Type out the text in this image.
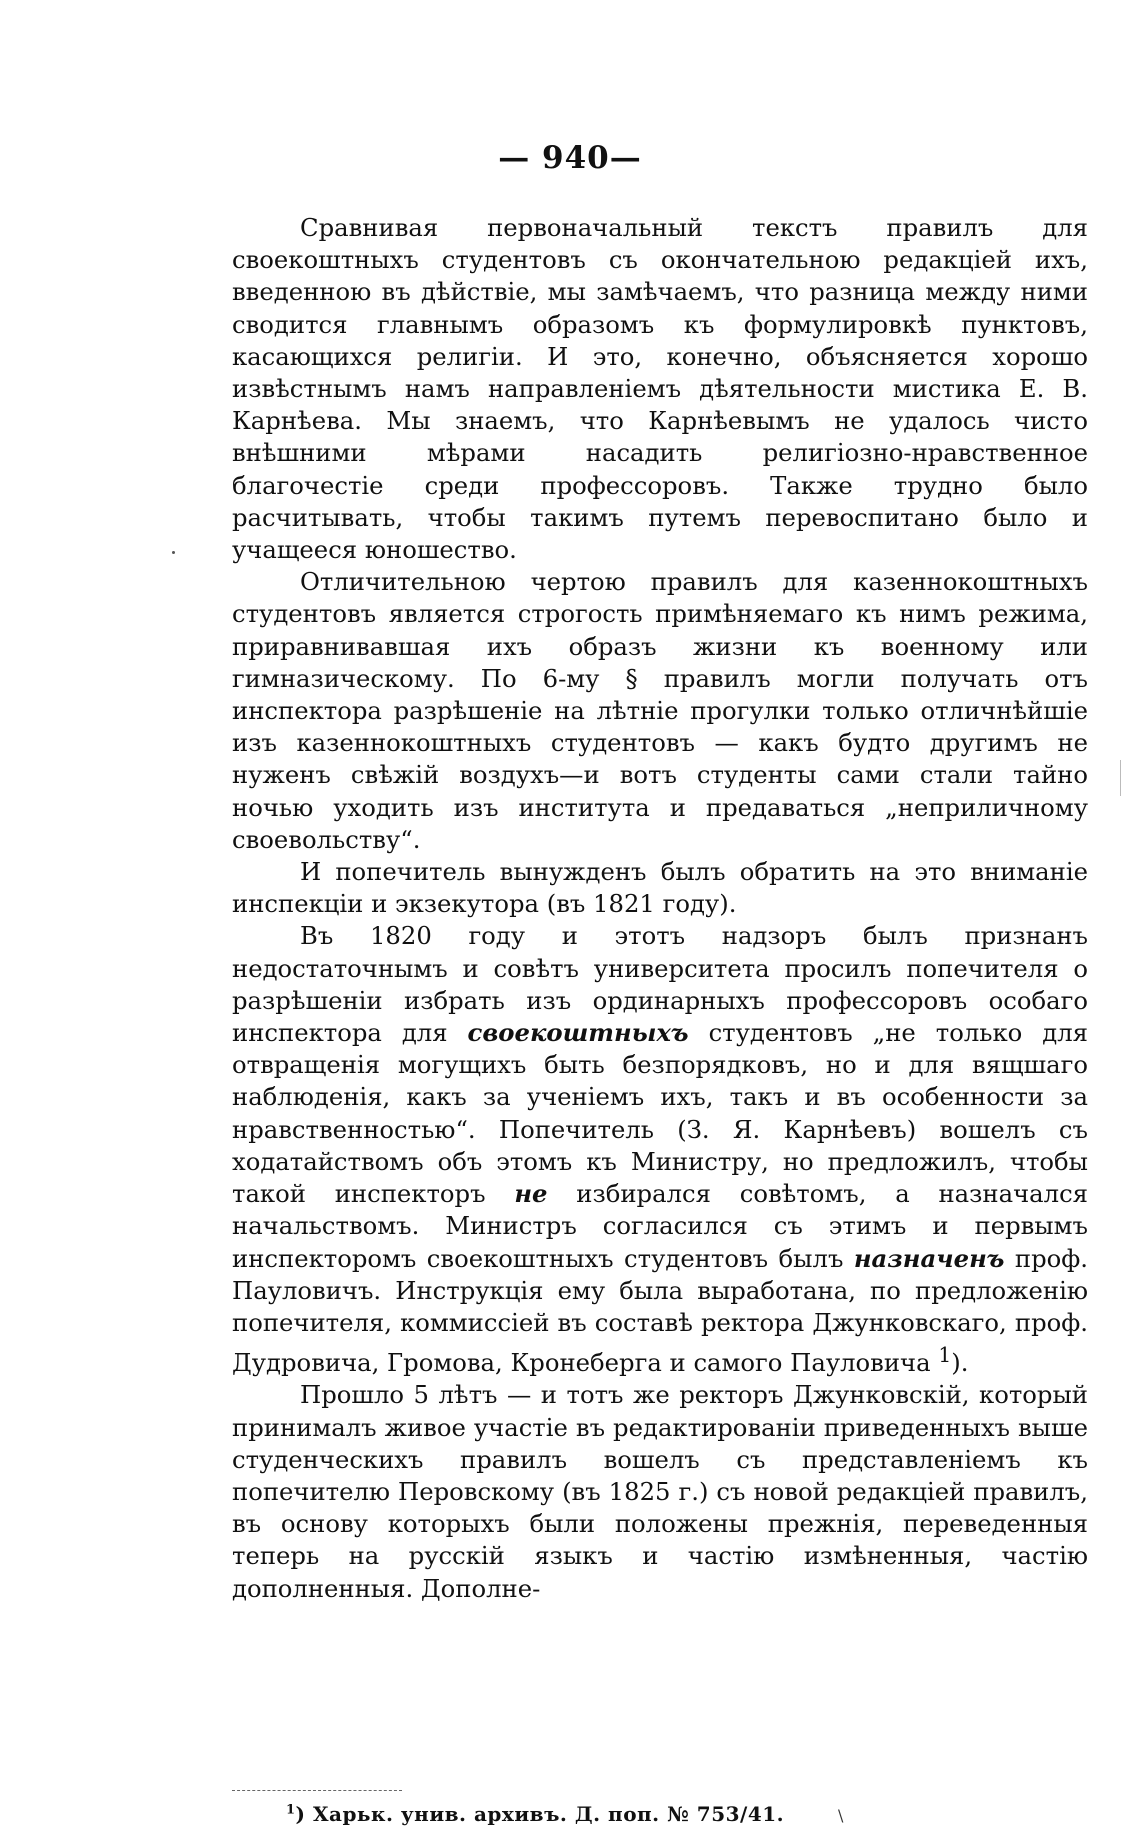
— 940—

Сравнивая первоначальный текстъ правилъ для своекоштныхъ студентовъ съ окончательною редакціей ихъ, введенною въ дѣйствіе, мы замѣчаемъ, что разница между ними сводится главнымъ образомъ къ формулировкѣ пунктовъ, касающихся религіи. И это, конечно, объясняется хорошо извѣстнымъ намъ направленіемъ дѣятельности мистика Е. В. Карнѣева. Мы знаемъ, что Карнѣевымъ не удалось чисто внѣшними мѣрами насадить религіозно-нравственное благочестіе среди профессоровъ. Также трудно было расчитывать, чтобы такимъ путемъ перевоспитано было и учащееся юношество.

Отличительною чертою правилъ для казеннокоштныхъ студентовъ является строгость примѣняемаго къ нимъ режима, приравнивавшая ихъ образъ жизни къ военному или гимназическому. По 6-му § правилъ могли получать отъ инспектора разрѣшеніе на лѣтніе прогулки только отличнѣйшіе изъ казеннокоштныхъ студентовъ — какъ будто другимъ не нуженъ свѣжій воздухъ—и вотъ студенты сами стали тайно ночью уходить изъ института и предаваться „неприличному своевольству“.

И попечитель вынужденъ былъ обратить на это вниманіе инспекціи и экзекутора (въ 1821 году).

Въ 1820 году и этотъ надзоръ былъ признанъ недостаточнымъ и совѣтъ университета просилъ попечителя о разрѣшеніи избрать изъ ординарныхъ профессоровъ особаго инспектора для своекоштныхъ студентовъ „не только для отвращенія могущихъ быть безпорядковъ, но и для вящшаго наблюденія, какъ за ученіемъ ихъ, такъ и въ особенности за нравственностью“. Попечитель (З. Я. Карнѣевъ) вошелъ съ ходатайствомъ объ этомъ къ Министру, но предложилъ, чтобы такой инспекторъ не избирался совѣтомъ, а назначался начальствомъ. Министръ согласился съ этимъ и первымъ инспекторомъ своекоштныхъ студентовъ былъ назначенъ проф. Пауловичъ. Инструкція ему была выработана, по предложенію попечителя, коммиссіей въ составѣ ректора Джунковскаго, проф. Дудровича, Громова, Кронеберга и самого Пауловича $^1$).

Прошло 5 лѣтъ — и тотъ же ректоръ Джунковскій, который принималъ живое участіе въ редактированіи приведенныхъ выше студенческихъ правилъ вошелъ съ представленіемъ къ попечителю Перовскому (въ 1825 г.) съ новой редакціей правилъ, въ основу которыхъ были положены прежнія, переведенныя теперь на русскій языкъ и частію измѣненныя, частію дополненныя. Дополне-

$^1$) Харьк. унив. архивъ. Д. поп. № 753/41.	\
